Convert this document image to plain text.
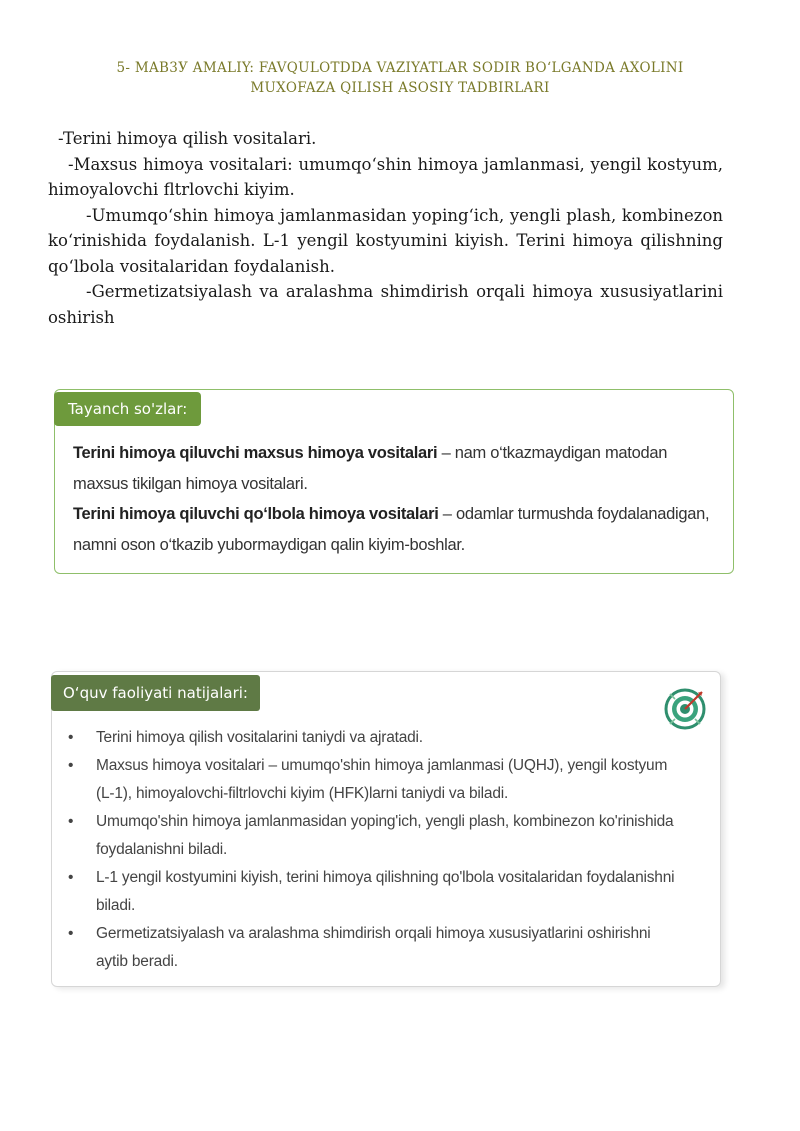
5- MAB3У AMALIY: FAVQULOTDDA VAZIYATLAR SODIR BOʻLGANDA AXOLINI
MUXOFAZA QILISH ASOSIY TADBIRLARI

-Terini himoya qilish vositalari.

-Maxsus himoya vositalari: umumqoʻshin himoya jamlanmasi, yengil kostyum, himoyalovchi fltrlovchi kiyim.

-Umumqoʻshin himoya jamlanmasidan yopingʻich, yengli plash, kombinezon koʻrinishida foydalanish. L-1 yengil kostyumini kiyish. Terini himoya qilishning qoʻlbola vositalaridan foydalanish.

-Germetizatsiyalash va aralashma shimdirish orqali himoya xususiyatlarini oshirish

Tayanch so'zlar:

Terini himoya qiluvchi maxsus himoya vositalari – nam o‘tkazmaydigan matodan maxsus tikilgan himoya vositalari.

Terini himoya qiluvchi qo‘lbola himoya vositalari – odamlar turmushda foydalanadigan, namni oson o‘tkazib yubormaydigan qalin kiyim-boshlar.

O‘quv faoliyati natijalari:
• Terini himoya qilish vositalarini taniydi va ajratadi.
• Maxsus himoya vositalari – umumqo'shin himoya jamlanmasi (UQHJ), yengil kostyum (L-1), himoyalovchi-filtrlovchi kiyim (HFK)larni taniydi va biladi.
• Umumqo'shin himoya jamlanmasidan yoping'ich, yengli plash, kombinezon ko'rinishida foydalanishni biladi.
• L-1 yengil kostyumini kiyish, terini himoya qilishning qo'lbola vositalaridan foydalanishni biladi.
• Germetizatsiyalash va aralashma shimdirish orqali himoya xususiyatlarini oshirishni aytib beradi.
